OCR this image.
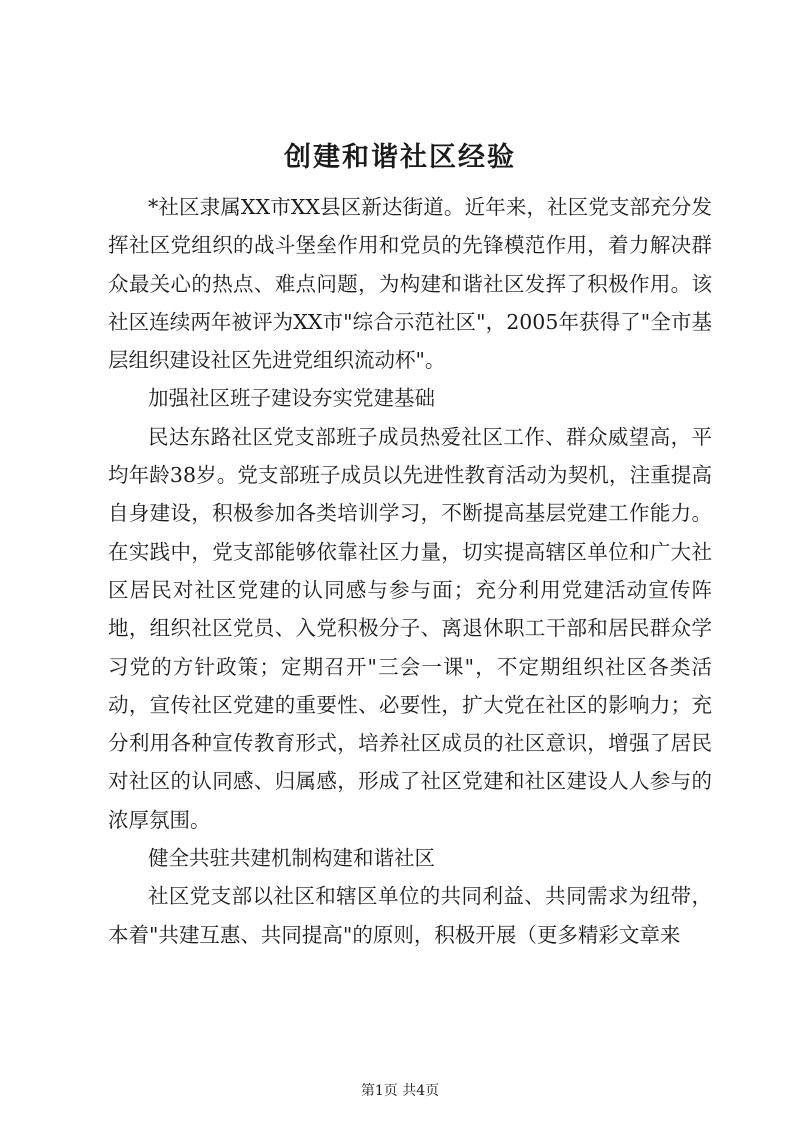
创建和谐社区经验

*社区隶属XX市XX县区新达街道。近年来，社区党支部充分发挥社区党组织的战斗堡垒作用和党员的先锋模范作用，着力解决群众最关心的热点、难点问题，为构建和谐社区发挥了积极作用。该社区连续两年被评为XX市"综合示范社区"，2005年获得了"全市基层组织建设社区先进党组织流动杯"。

加强社区班子建设夯实党建基础

民达东路社区党支部班子成员热爱社区工作、群众威望高，平均年龄38岁。党支部班子成员以先进性教育活动为契机，注重提高自身建设，积极参加各类培训学习，不断提高基层党建工作能力。在实践中，党支部能够依靠社区力量，切实提高辖区单位和广大社区居民对社区党建的认同感与参与面；充分利用党建活动宣传阵地，组织社区党员、入党积极分子、离退休职工干部和居民群众学习党的方针政策；定期召开"三会一课"，不定期组织社区各类活动，宣传社区党建的重要性、必要性，扩大党在社区的影响力；充分利用各种宣传教育形式，培养社区成员的社区意识，增强了居民对社区的认同感、归属感，形成了社区党建和社区建设人人参与的浓厚氛围。

健全共驻共建机制构建和谐社区

社区党支部以社区和辖区单位的共同利益、共同需求为纽带，本着"共建互惠、共同提高"的原则，积极开展（更多精彩文章来

第1页 共4页
